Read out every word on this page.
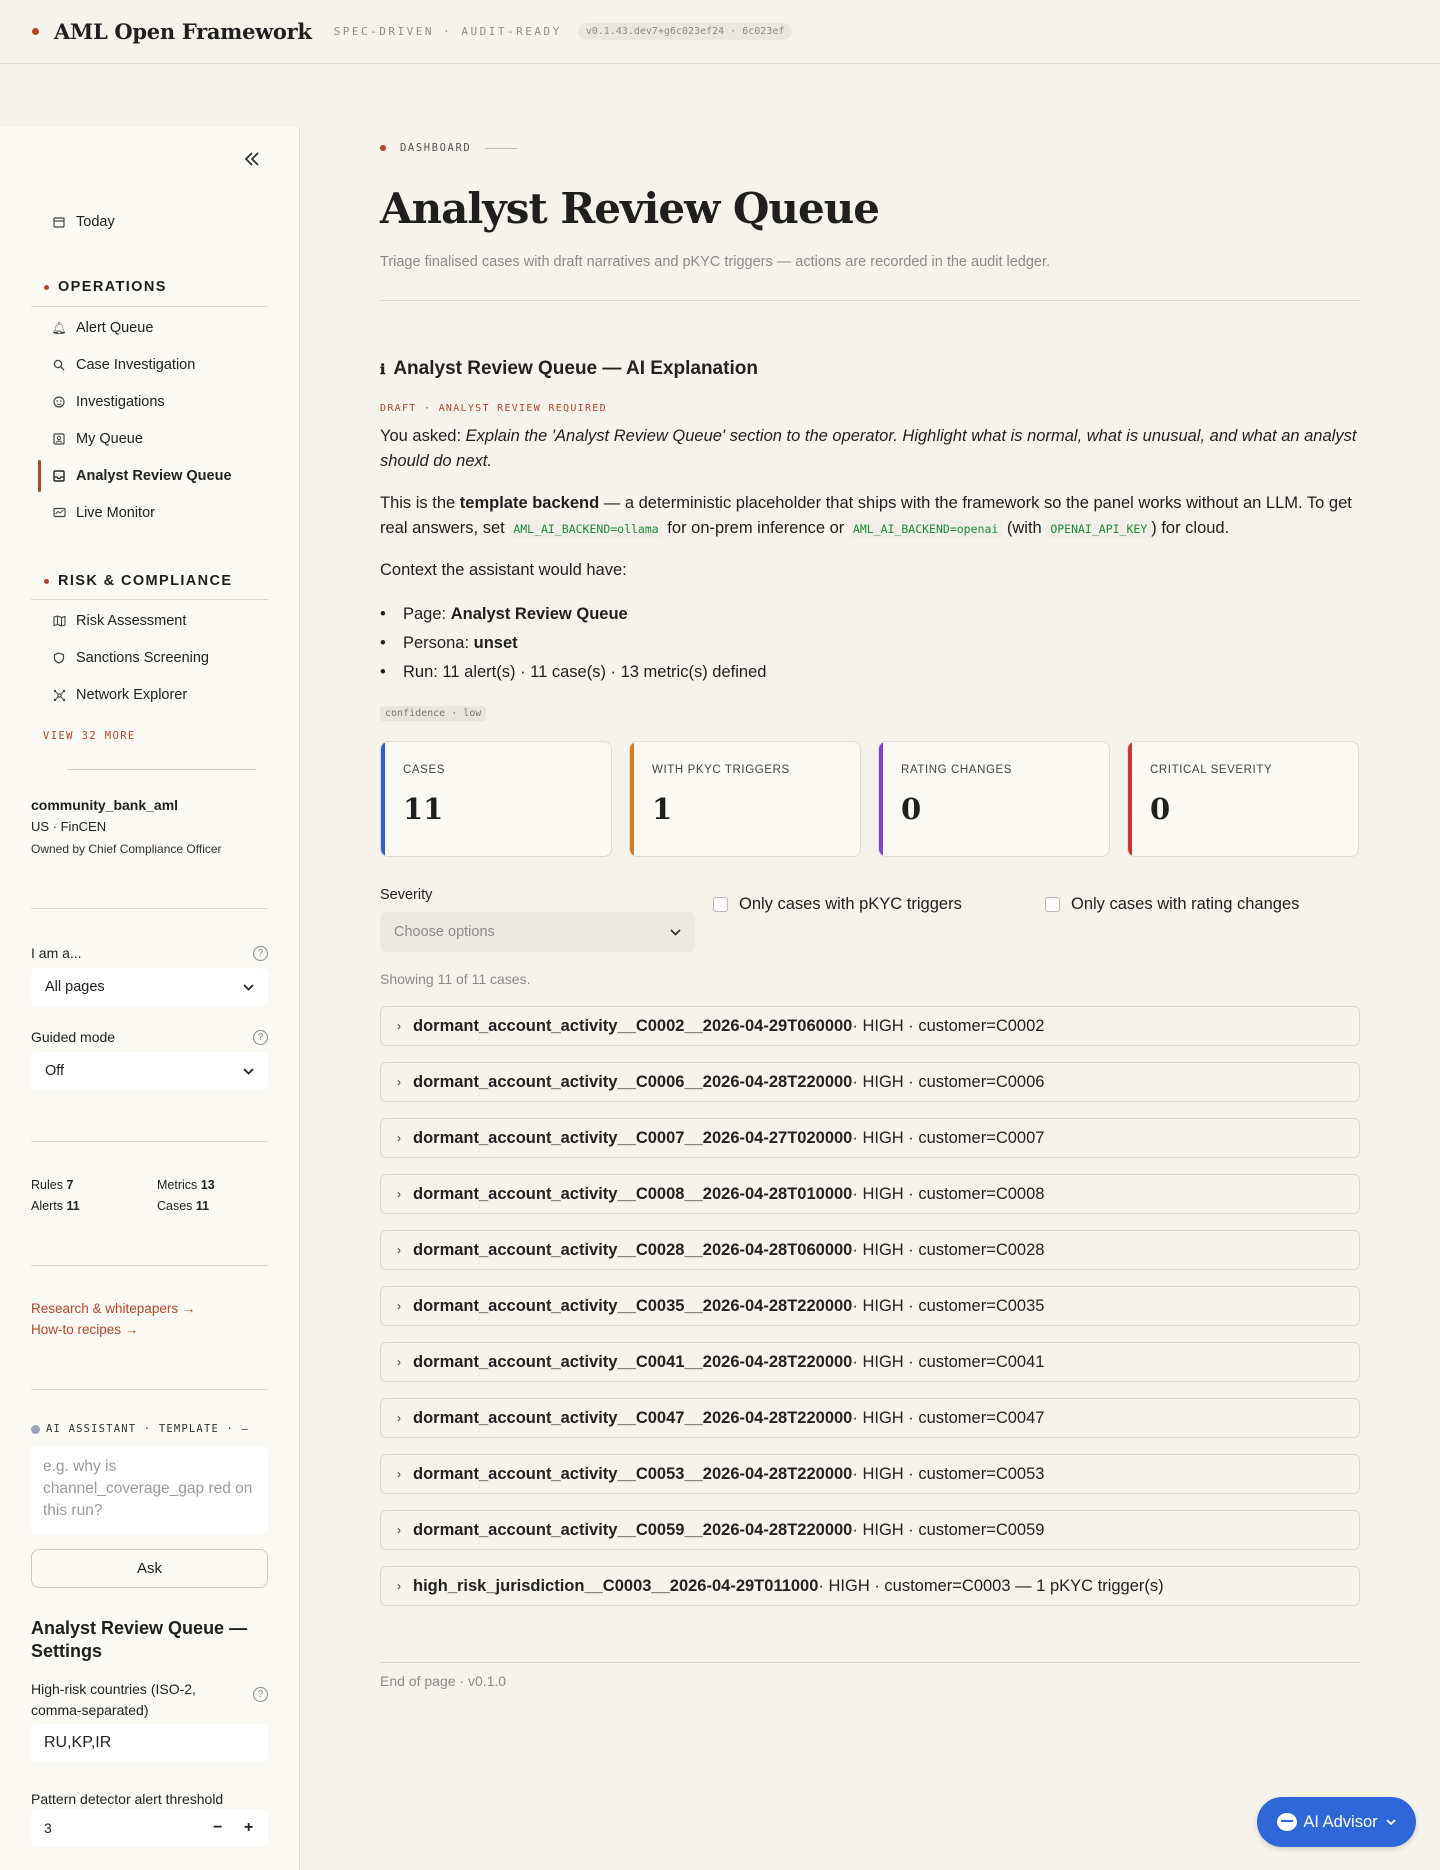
AML Open Framework SPEC-DRIVEN · AUDIT-READY	v0.1.43.dev7+g6c023ef24 · 6c023ef
Today
OPERATIONS
🔔︎ Alert Queue
Case Investigation
Investigations
My Queue
Analyst Review Queue
Live Monitor
RISK & COMPLIANCE
Risk Assessment
Sanctions Screening
Network Explorer
VIEW 32 MORE
community_bank_aml
US · FinCEN
Owned by Chief Compliance Officer
I am a...	?
All pages
Guided mode	?
Off
Rules 7	Metrics 13
Alerts 11	Cases 11
Research & whitepapers →
How-to recipes →
AI ASSISTANT · TEMPLATE · —
e.g. why is channel_coverage_gap red on this run?
Ask
Analyst Review Queue — Settings
High-risk countries (ISO-2, comma-separated)
?
RU,KP,IR
Pattern detector alert threshold
3	− +
DASHBOARD
Analyst Review Queue
Triage finalised cases with draft narratives and pKYC triggers — actions are recorded in the audit ledger.
ℹ Analyst Review Queue — AI Explanation
DRAFT · ANALYST REVIEW REQUIRED
You asked: Explain the 'Analyst Review Queue' section to the operator. Highlight what is normal, what is unusual, and what an analyst should do next.
This is the template backend — a deterministic placeholder that ships with the framework so the panel works without an LLM. To get real answers, set AML_AI_BACKEND=ollama for on-prem inference or AML_AI_BACKEND=openai (with OPENAI_API_KEY ) for cloud.
Context the assistant would have:
• Page: Analyst Review Queue
• Persona: unset
• Run: 11 alert(s) · 11 case(s) · 13 metric(s) defined
confidence · low
CASES
11
WITH PKYC TRIGGERS
1
RATING CHANGES
0
CRITICAL SEVERITY
0
Severity
Choose options
Only cases with pKYC triggers	Only cases with rating changes
Showing 11 of 11 cases.
› dormant_account_activity__C0002__2026-04-29T060000 · HIGH · customer=C0002
› dormant_account_activity__C0006__2026-04-28T220000 · HIGH · customer=C0006
› dormant_account_activity__C0007__2026-04-27T020000 · HIGH · customer=C0007
› dormant_account_activity__C0008__2026-04-28T010000 · HIGH · customer=C0008
› dormant_account_activity__C0028__2026-04-28T060000 · HIGH · customer=C0028
› dormant_account_activity__C0035__2026-04-28T220000 · HIGH · customer=C0035
› dormant_account_activity__C0041__2026-04-28T220000 · HIGH · customer=C0041
› dormant_account_activity__C0047__2026-04-28T220000 · HIGH · customer=C0047
› dormant_account_activity__C0053__2026-04-28T220000 · HIGH · customer=C0053
› dormant_account_activity__C0059__2026-04-28T220000 · HIGH · customer=C0059
› high_risk_jurisdiction__C0003__2026-04-29T011000 · HIGH · customer=C0003 — 1 pKYC trigger(s)
End of page · v0.1.0
AI Advisor
